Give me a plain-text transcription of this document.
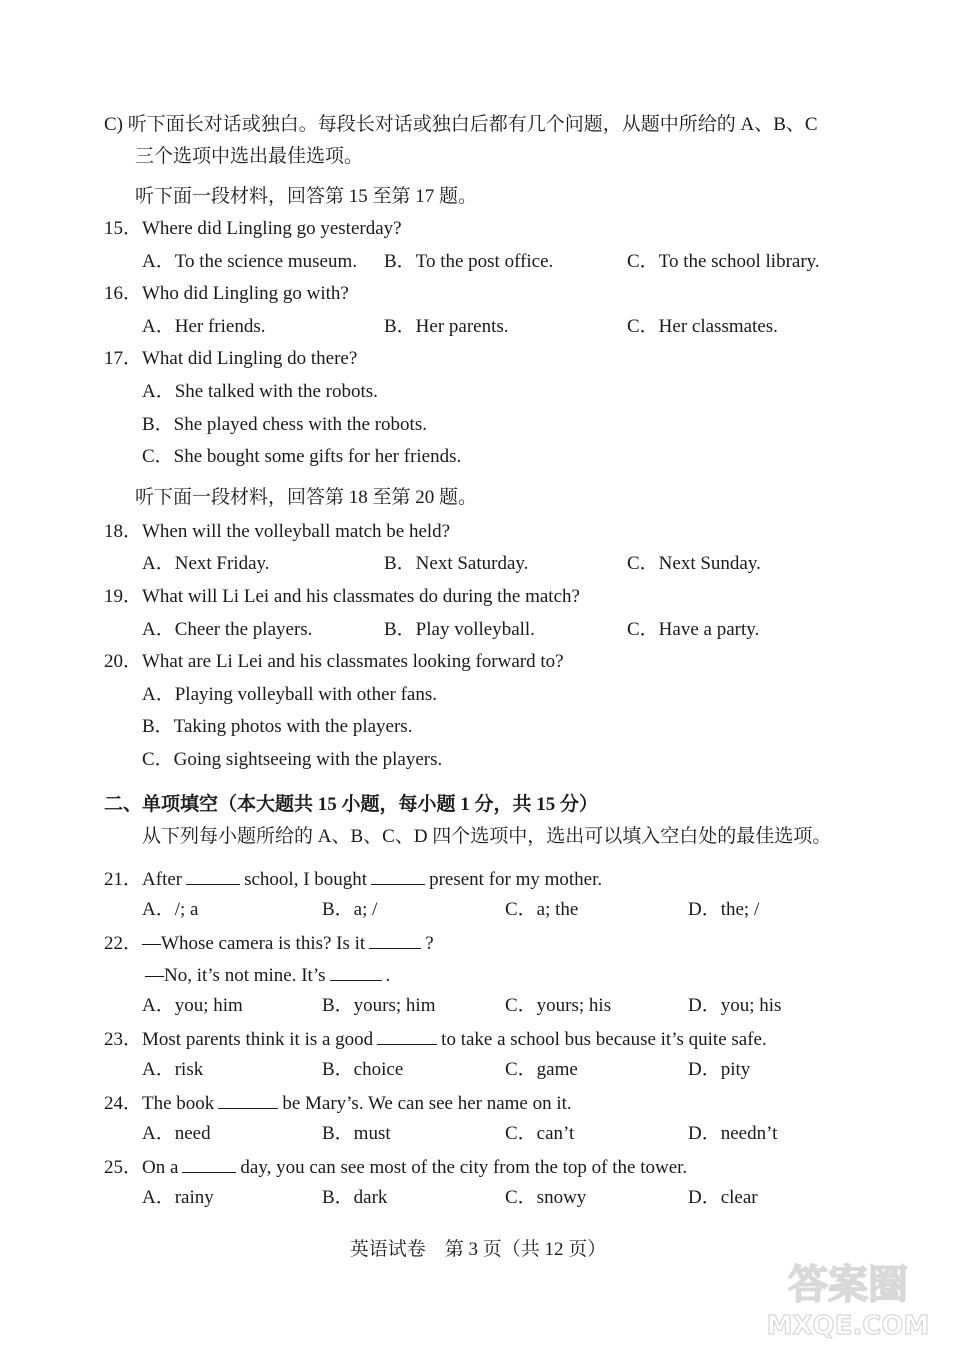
C) 听下面长对话或独白。每段长对话或独白后都有几个问题，从题中所给的 A、B、C
三个选项中选出最佳选项。
听下面一段材料，回答第 15 至第 17 题。
15．Where did Lingling go yesterday?
A．To the science museum. B．To the post office.	C．To the school library.
16．Who did Lingling go with?
A．Her friends.	B．Her parents.	C．Her classmates.
17．What did Lingling do there?
A．She talked with the robots.
B．She played chess with the robots.
C．She bought some gifts for her friends.
听下面一段材料，回答第 18 至第 20 题。
18．When will the volleyball match be held?
A．Next Friday.	B．Next Saturday.	C．Next Sunday.
19．What will Li Lei and his classmates do during the match?
A．Cheer the players.	B．Play volleyball.	C．Have a party.
20．What are Li Lei and his classmates looking forward to?
A．Playing volleyball with other fans.
B．Taking photos with the players.
C．Going sightseeing with the players.
二、单项填空（本大题共 15 小题，每小题 1 分，共 15 分）
从下列每小题所给的 A、B、C、D 四个选项中，选出可以填入空白处的最佳选项。
21．After	school, I bought	present for my mother.
A．/; a	B．a; /	C．a; the	D．the; /
22．—Whose camera is this? Is it	?
—No, it’s not mine. It’s	.
A．you; him	B．yours; him	C．yours; his	D．you; his
23．Most parents think it is a good	to take a school bus because it’s quite safe.
A．risk	B．choice	C．game	D．pity
24．The book	be Mary’s. We can see her name on it.
A．need	B．must	C．can’t	D．needn’t
25．On a	day, you can see most of the city from the top of the tower.
A．rainy	B．dark	C．snowy	D．clear
英语试卷　第 3 页（共 12 页）
答案圈
MXQE.COM
